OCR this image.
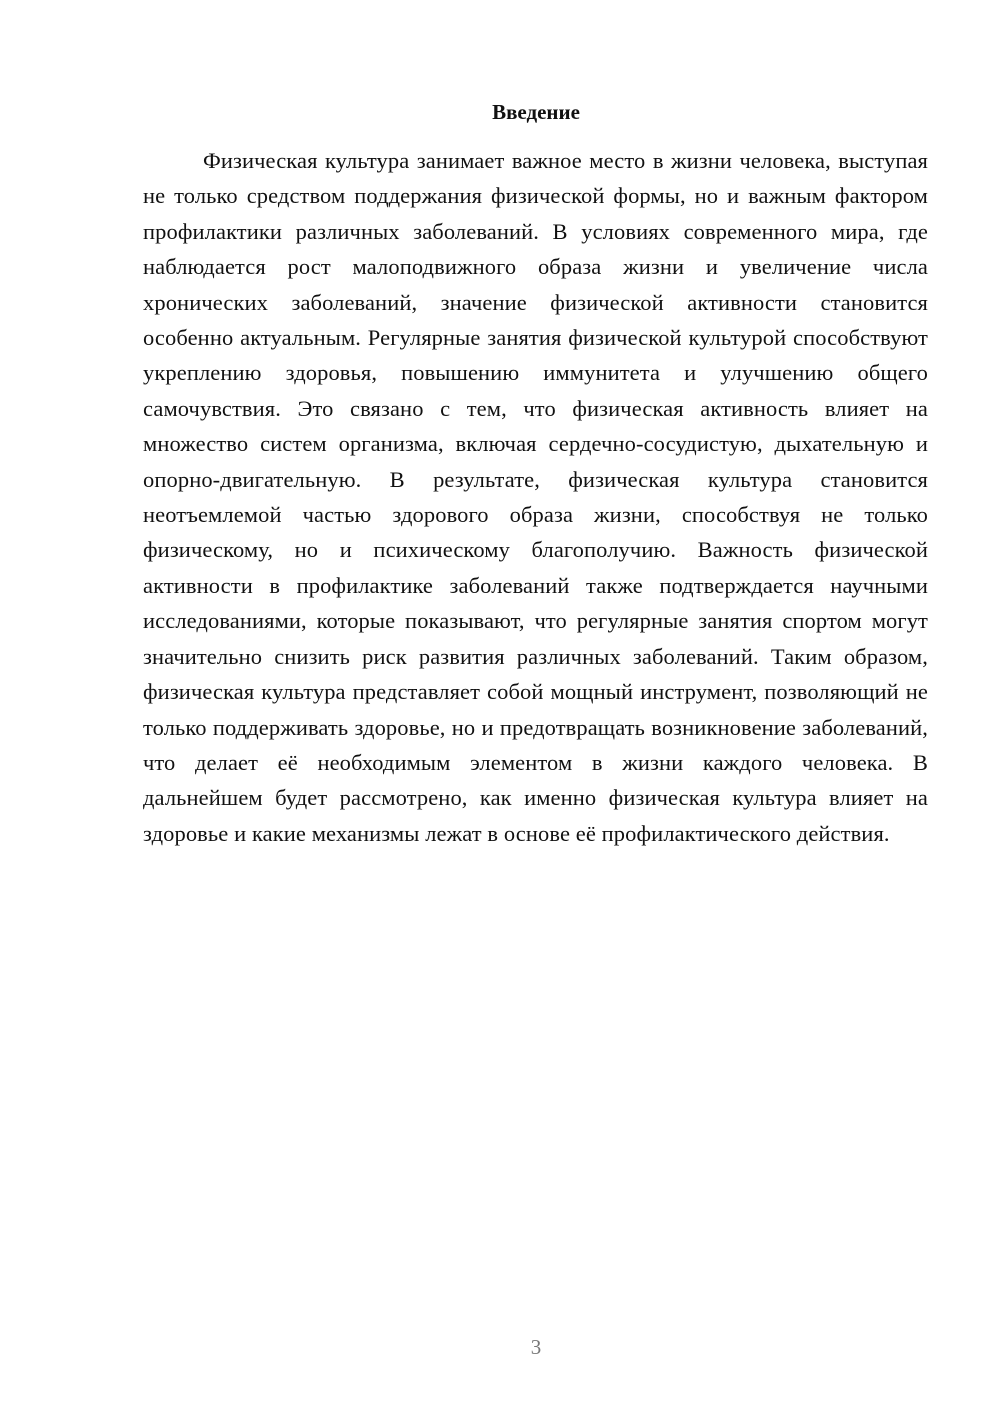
Введение

Физическая культура занимает важное место в жизни человека, выступая не только средством поддержания физической формы, но и важным фактором профилактики различных заболеваний. В условиях современного мира, где наблюдается рост малоподвижного образа жизни и увеличение числа хронических заболеваний, значение физической активности становится особенно актуальным. Регулярные занятия физической культурой способствуют укреплению здоровья, повышению иммунитета и улучшению общего самочувствия. Это связано с тем, что физическая активность влияет на множество систем организма, включая сердечно-сосудистую, дыхательную и опорно-двигательную. В результате, физическая культура становится неотъемлемой частью здорового образа жизни, способствуя не только физическому, но и психическому благополучию. Важность физической активности в профилактике заболеваний также подтверждается научными исследованиями, которые показывают, что регулярные занятия спортом могут значительно снизить риск развития различных заболеваний. Таким образом, физическая культура представляет собой мощный инструмент, позволяющий не только поддерживать здоровье, но и предотвращать возникновение заболеваний, что делает её необходимым элементом в жизни каждого человека. В дальнейшем будет рассмотрено, как именно физическая культура влияет на здоровье и какие механизмы лежат в основе её профилактического действия.

3
